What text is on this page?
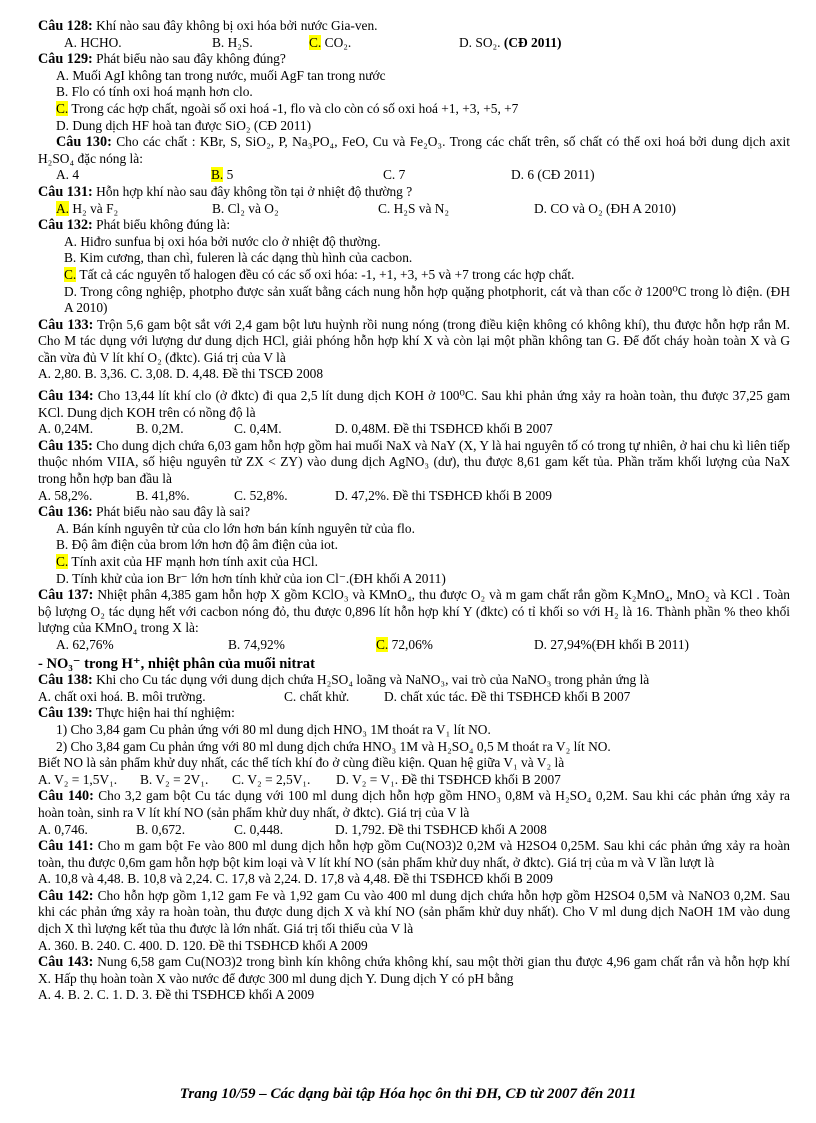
Câu 128: Khí nào sau đây không bị oxi hóa bởi nước Gia-ven.
A. HCHO.	B. H₂S.	C. CO₂.	D. SO₂.
(CĐ 2011)
Câu 129: Phát biểu nào sau đây không đúng?
A. Muối AgI không tan trong nước, muối AgF tan trong nước
B. Flo có tính oxi hoá mạnh hơn clo.
C. Trong các hợp chất, ngoài số oxi hoá -1, flo và clo còn có số oxi hoá +1, +3, +5, +7
D. Dung dịch HF hoà tan được SiO₂ (CĐ 2011)
Câu 130: Cho các chất : KBr, S, SiO₂, P, Na₃PO₄, FeO, Cu và Fe₂O₃. Trong các chất trên, số chất có thể oxi hoá bởi dung dịch axit H₂SO₄ đặc nóng là:
A. 4	B. 5	C. 7	D. 6 (CĐ 2011)
Câu 131: Hỗn hợp khí nào sau đây không tồn tại ở nhiệt độ thường ?
A. H₂ và F₂	B. Cl₂ và O₂	C. H₂S và N₂	D. CO và O₂ (ĐH A 2010)
Câu 132: Phát biểu không đúng là:
A. Hiđro sunfua bị oxi hóa bởi nước clo ở nhiệt độ thường.
B. Kim cương, than chì, fuleren là các dạng thù hình của cacbon.
C. Tất cả các nguyên tố halogen đều có các số oxi hóa: -1, +1, +3, +5 và +7 trong các hợp chất.
D. Trong công nghiệp, photpho được sản xuất bằng cách nung hỗn hợp quặng photphorit, cát và than cốc ở 1200⁰C trong lò điện. (ĐH A 2010)
Câu 133: Trộn 5,6 gam bột sắt với 2,4 gam bột lưu huỳnh rồi nung nóng (trong điều kiện không có không khí), thu được hỗn hợp rắn M. Cho M tác dụng với lượng dư dung dịch HCl, giải phóng hỗn hợp khí X và còn lại một phần không tan G. Để đốt cháy hoàn toàn X và G cần vừa đủ V lít khí O₂ (đktc). Giá trị của V là
A. 2,80. B. 3,36. C. 3,08. D. 4,48. Đề thi TSCĐ 2008
Câu 134: Cho 13,44 lít khí clo (ở đktc) đi qua 2,5 lít dung dịch KOH ở 100⁰C. Sau khi phản ứng xảy ra hoàn toàn, thu được 37,25 gam KCl. Dung dịch KOH trên có nồng độ là
A. 0,24M.	B. 0,2M.	C. 0,4M.	D. 0,48M. Đề thi TSĐHCĐ khối B 2007
Câu 135: Cho dung dịch chứa 6,03 gam hỗn hợp gồm hai muối NaX và NaY (X, Y là hai nguyên tố có trong tự nhiên, ở hai chu kì liên tiếp thuộc nhóm VIIA, số hiệu nguyên tử ZX < ZY) vào dung dịch AgNO₃ (dư), thu được 8,61 gam kết tủa. Phần trăm khối lượng của NaX trong hỗn hợp ban đầu là
A. 58,2%.	B. 41,8%.	C. 52,8%.	D. 47,2%. Đề thi TSĐHCĐ khối B 2009
Câu 136: Phát biểu nào sau đây là sai?
A. Bán kính nguyên tử của clo lớn hơn bán kính nguyên tử của flo.
B. Độ âm điện của brom lớn hơn độ âm điện của iot.
C. Tính axit của HF mạnh hơn tính axit của HCl.
D. Tính khử của ion Br⁻ lớn hơn tính khử của ion Cl⁻.(ĐH khối A 2011)
Câu 137: Nhiệt phân 4,385 gam hỗn hợp X gồm KClO₃ và KMnO₄, thu được O₂ và m gam chất rắn gồm K₂MnO₄, MnO₂ và KCl . Toàn bộ lượng O₂ tác dụng hết với cacbon nóng đỏ, thu được 0,896 lít hỗn hợp khí Y (đktc) có tỉ khối so với H₂ là 16. Thành phần % theo khối lượng của KMnO₄ trong X là:
A. 62,76%	B. 74,92%	C. 72,06%	D. 27,94%(ĐH khối B 2011)
- NO₃⁻ trong H⁺, nhiệt phân của muối nitrat
Câu 138: Khi cho Cu tác dụng với dung dịch chứa H₂SO₄ loãng và NaNO₃, vai trò của NaNO₃ trong phản ứng là
A. chất oxi hoá. B. môi trường.	C. chất khử.	D. chất xúc tác. Đề thi TSĐHCĐ khối B 2007
Câu 139: Thực hiện hai thí nghiệm:
1) Cho 3,84 gam Cu phản ứng với 80 ml dung dịch HNO₃ 1M thoát ra V₁ lít NO.
2) Cho 3,84 gam Cu phản ứng với 80 ml dung dịch chứa HNO₃ 1M và H₂SO₄ 0,5 M thoát ra V₂ lít NO.
Biết NO là sản phẩm khử duy nhất, các thể tích khí đo ở cùng điều kiện. Quan hệ giữa V₁ và V₂ là
A. V₂ = 1,5V₁.	B. V₂ = 2V₁.	C. V₂ = 2,5V₁.	D. V₂ = V₁. Đề thi TSĐHCĐ khối B 2007
Câu 140: Cho 3,2 gam bột Cu tác dụng với 100 ml dung dịch hỗn hợp gồm HNO₃ 0,8M và H₂SO₄ 0,2M. Sau khi các phản ứng xảy ra hoàn toàn, sinh ra V lít khí NO (sản phẩm khử duy nhất, ở đktc). Giá trị của V là
A. 0,746.	B. 0,672.	C. 0,448.	D. 1,792. Đề thi TSĐHCĐ khối A 2008
Câu 141: Cho m gam bột Fe vào 800 ml dung dịch hỗn hợp gồm Cu(NO3)2 0,2M và H2SO4 0,25M. Sau khi các phản ứng xảy ra hoàn toàn, thu được 0,6m gam hỗn hợp bột kim loại và V lít khí NO (sản phẩm khử duy nhất, ở đktc). Giá trị của m và V lần lượt là
A. 10,8 và 4,48. B. 10,8 và 2,24. C. 17,8 và 2,24. D. 17,8 và 4,48. Đề thi TSĐHCĐ khối B 2009
Câu 142: Cho hỗn hợp gồm 1,12 gam Fe và 1,92 gam Cu vào 400 ml dung dịch chứa hỗn hợp gồm H2SO4 0,5M và NaNO3 0,2M. Sau khi các phản ứng xảy ra hoàn toàn, thu được dung dịch X và khí NO (sản phẩm khử duy nhất). Cho V ml dung dịch NaOH 1M vào dung dịch X thì lượng kết tủa thu được là lớn nhất. Giá trị tối thiểu của V là
A. 360. B. 240. C. 400. D. 120. Đề thi TSĐHCĐ khối A 2009
Câu 143: Nung 6,58 gam Cu(NO3)2 trong bình kín không chứa không khí, sau một thời gian thu được 4,96 gam chất rắn và hỗn hợp khí X. Hấp thụ hoàn toàn X vào nước để được 300 ml dung dịch Y. Dung dịch Y có pH bằng
A. 4. B. 2. C. 1. D. 3. Đề thi TSĐHCĐ khối A 2009
Trang 10/59 – Các dạng bài tập Hóa học ôn thi ĐH, CĐ từ 2007 đến 2011
